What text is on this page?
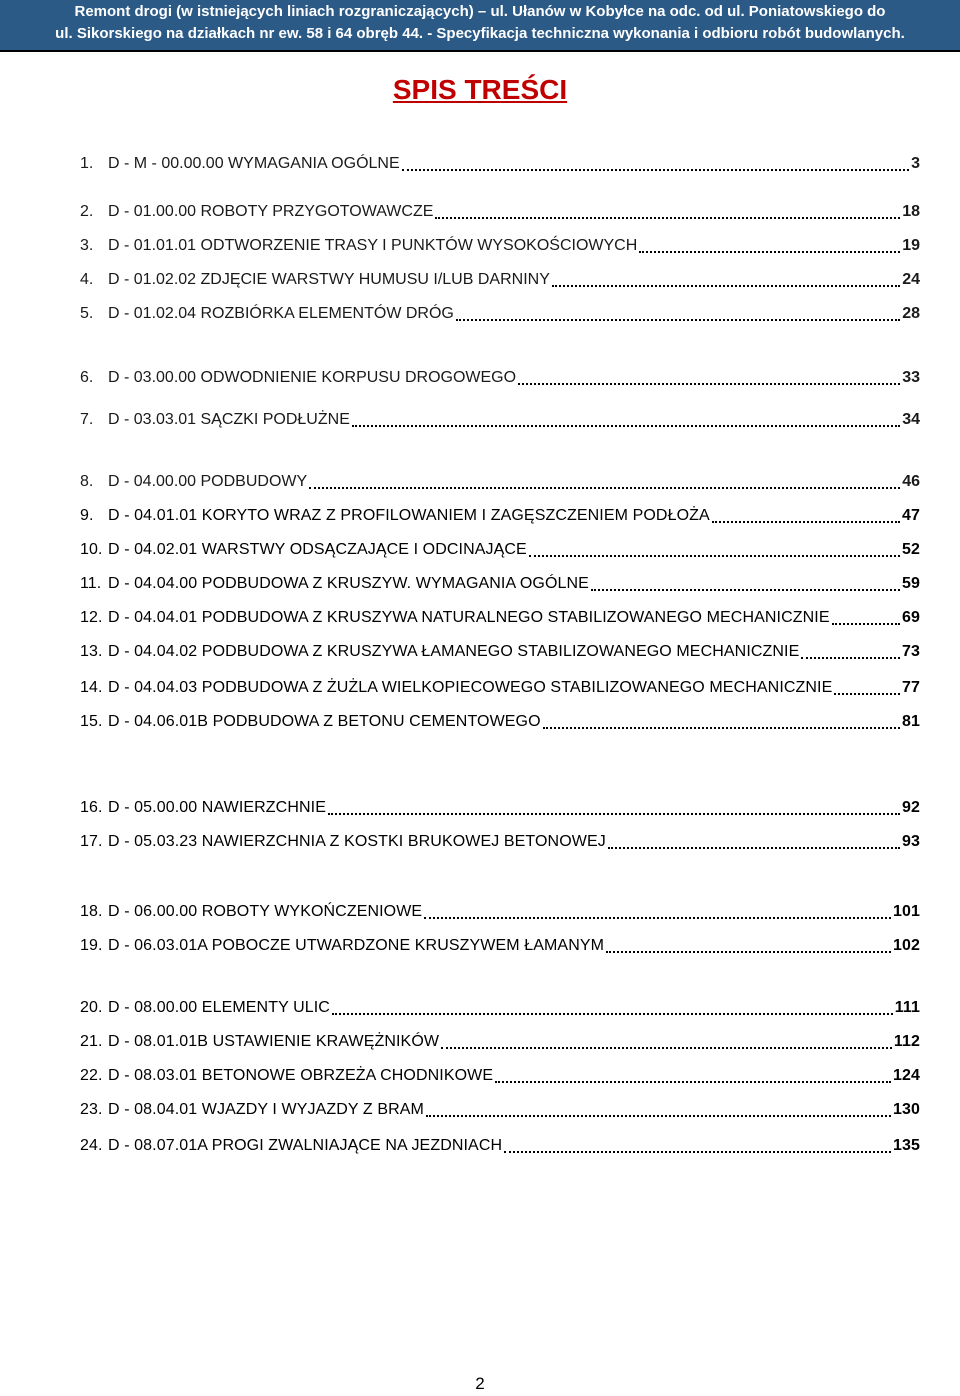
Remont drogi (w istniejących liniach rozgraniczających) – ul. Ułanów w Kobyłce na odc. od ul. Poniatowskiego do
ul. Sikorskiego na działkach nr ew. 58 i 64 obręb 44. - Specyfikacja techniczna wykonania i odbioru robót budowlanych.
SPIS TREŚCI
1. D - M - 00.00.00 WYMAGANIA OGÓLNE	3
2. D - 01.00.00 ROBOTY PRZYGOTOWAWCZE	18
3. D - 01.01.01 ODTWORZENIE TRASY I PUNKTÓW WYSOKOŚCIOWYCH	19
4. D - 01.02.02 ZDJĘCIE WARSTWY HUMUSU I/LUB DARNINY	24
5. D - 01.02.04 ROZBIÓRKA ELEMENTÓW DRÓG	28
6. D - 03.00.00 ODWODNIENIE KORPUSU DROGOWEGO	33
7. D - 03.03.01 SĄCZKI PODŁUŻNE	34
8. D - 04.00.00 PODBUDOWY	46
9. D - 04.01.01 KORYTO WRAZ Z PROFILOWANIEM I ZAGĘSZCZENIEM PODŁOŻA	47
10. D - 04.02.01 WARSTWY ODSĄCZAJĄCE I ODCINAJĄCE	52
11. D - 04.04.00 PODBUDOWA Z KRUSZYW. WYMAGANIA OGÓLNE	59
12. D - 04.04.01 PODBUDOWA Z KRUSZYWA NATURALNEGO STABILIZOWANEGO MECHANICZNIE	69
13. D - 04.04.02 PODBUDOWA Z KRUSZYWA ŁAMANEGO STABILIZOWANEGO MECHANICZNIE	73
14. D - 04.04.03 PODBUDOWA Z ŻUŻLA WIELKOPIECOWEGO STABILIZOWANEGO MECHANICZNIE	77
15. D - 04.06.01B PODBUDOWA Z BETONU CEMENTOWEGO	81
16. D - 05.00.00 NAWIERZCHNIE	92
17. D - 05.03.23 NAWIERZCHNIA Z KOSTKI BRUKOWEJ BETONOWEJ	93
18. D - 06.00.00 ROBOTY WYKOŃCZENIOWE	101
19. D - 06.03.01A POBOCZE UTWARDZONE KRUSZYWEM ŁAMANYM	102
20. D - 08.00.00 ELEMENTY ULIC	111
21. D - 08.01.01B USTAWIENIE KRAWĘŻNIKÓW	112
22. D - 08.03.01 BETONOWE OBRZEŻA CHODNIKOWE	124
23. D - 08.04.01 WJAZDY I WYJAZDY Z BRAM	130
24. D - 08.07.01A PROGI ZWALNIAJĄCE NA JEZDNIACH	135
2
